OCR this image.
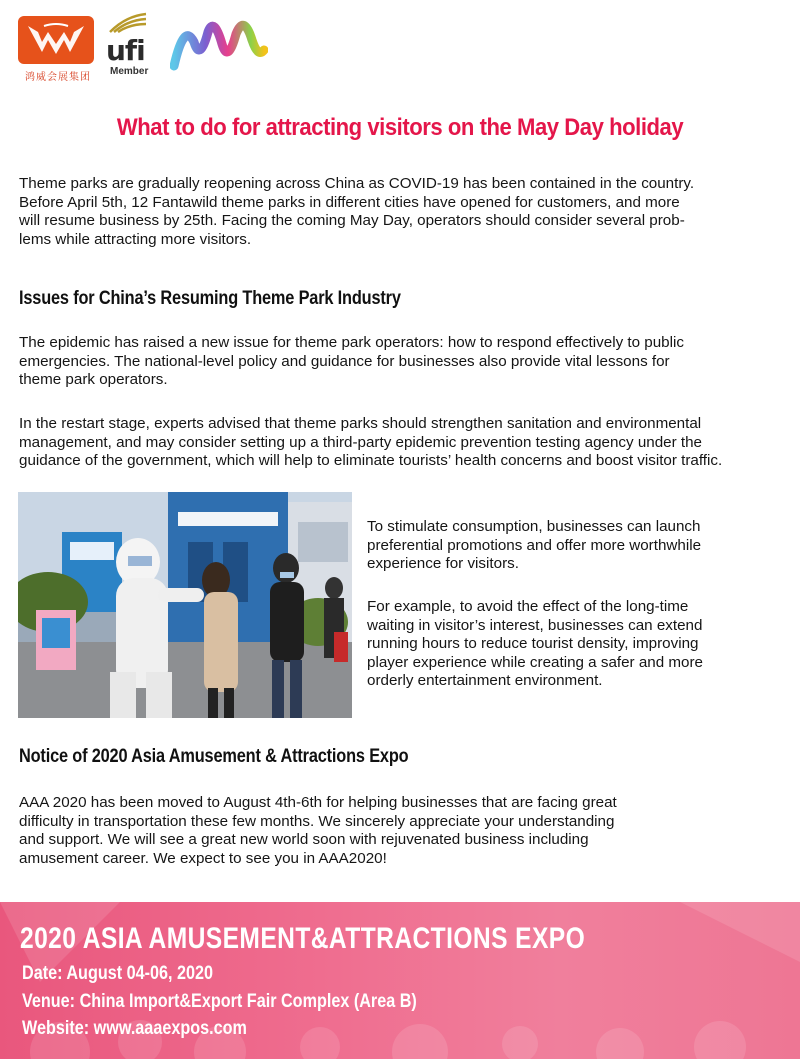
鸿威会展集团
ufi
Member
What to do for attracting visitors on the May Day holiday

Theme parks are gradually reopening across China as COVID-19 has been contained in the country.
Before April 5th, 12 Fantawild theme parks in different cities have opened for customers, and more
will resume business by 25th. Facing the coming May Day, operators should consider several prob-
lems while attracting more visitors.

Issues for China’s Resuming Theme Park Industry

The epidemic has raised a new issue for theme park operators: how to respond effectively to public
emergencies. The national-level policy and guidance for businesses also provide vital lessons for
theme park operators.

In the restart stage, experts advised that theme parks should strengthen sanitation and environmental
management, and may consider setting up a third-party epidemic prevention testing agency under the
guidance of the government, which will help to eliminate tourists’ health concerns and boost visitor traffic.

To stimulate consumption, businesses can launch
preferential promotions and offer more worthwhile
experience for visitors.

For example, to avoid the effect of the long-time
waiting in visitor’s interest, businesses can extend
running hours to reduce tourist density, improving
player experience while creating a safer and more
orderly entertainment environment.

Notice of 2020 Asia Amusement & Attractions Expo

AAA 2020 has been moved to August 4th-6th for helping businesses that are facing great
difficulty in transportation these few months. We sincerely appreciate your understanding
and support. We will see a great new world soon with rejuvenated business including
amusement career. We expect to see you in AAA2020!

2020 ASIA AMUSEMENT&ATTRACTIONS EXPO
Date: August 04-06, 2020
Venue: China Import&Export Fair Complex (Area B)
Website: www.aaaexpos.com
